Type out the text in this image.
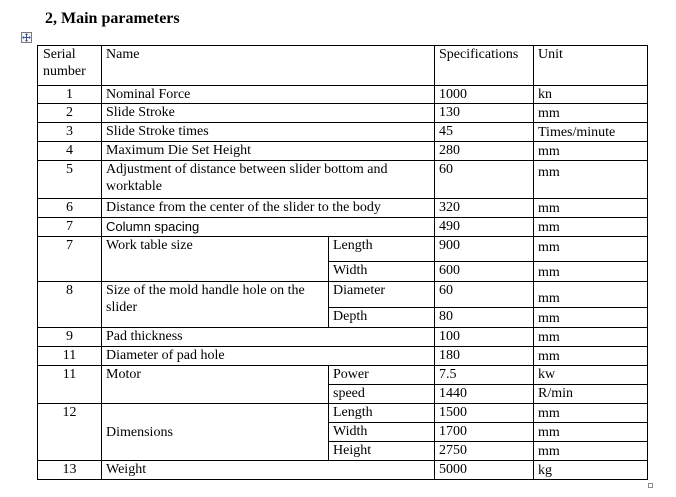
2, Main parameters
Serial number	Name		Specifications	Unit
1	Nominal Force		1000	kn
2	Slide Stroke		130	mm
3	Slide Stroke times		45	Times/minute
4	Maximum Die Set Height		280	mm
5	Adjustment of distance between slider bottom and worktable		60	mm
6	Distance from the center of the slider to the body		320	mm
7	Column spacing		490	mm
7	Work table size	Length	900	mm
		Width	600	mm
8	Size of the mold handle hole on the slider	Diameter	60	mm
		Depth	80	mm
9	Pad thickness		100	mm
11	Diameter of pad hole		180	mm
11	Motor	Power	7.5	kw
		speed	1440	R/min
12	Dimensions	Length	1500	mm
		Width	1700	mm
		Height	2750	mm
13	Weight		5000	kg
